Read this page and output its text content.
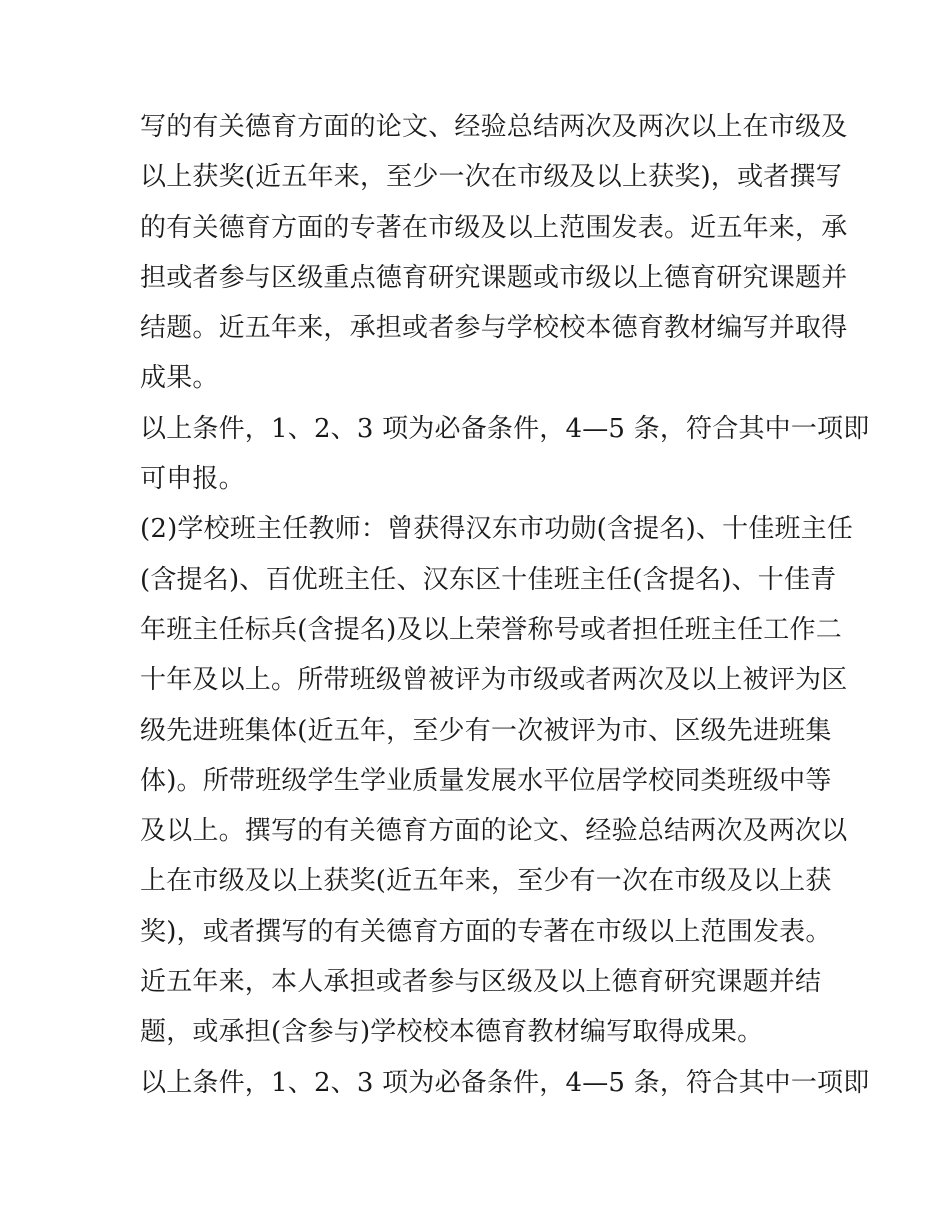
写的有关德育方面的论文、经验总结两次及两次以上在市级及
以上获奖(近五年来，至少一次在市级及以上获奖)，或者撰写
的有关德育方面的专著在市级及以上范围发表。近五年来，承
担或者参与区级重点德育研究课题或市级以上德育研究课题并
结题。近五年来，承担或者参与学校校本德育教材编写并取得
成果。
以上条件，1、2、3 项为必备条件，4—5 条，符合其中一项即
可申报。
(2)学校班主任教师：曾获得汉东市功勋(含提名)、十佳班主任
(含提名)、百优班主任、汉东区十佳班主任(含提名)、十佳青
年班主任标兵(含提名)及以上荣誉称号或者担任班主任工作二
十年及以上。所带班级曾被评为市级或者两次及以上被评为区
级先进班集体(近五年，至少有一次被评为市、区级先进班集
体)。所带班级学生学业质量发展水平位居学校同类班级中等
及以上。撰写的有关德育方面的论文、经验总结两次及两次以
上在市级及以上获奖(近五年来，至少有一次在市级及以上获
奖)，或者撰写的有关德育方面的专著在市级以上范围发表。
近五年来，本人承担或者参与区级及以上德育研究课题并结
题，或承担(含参与)学校校本德育教材编写取得成果。
以上条件，1、2、3 项为必备条件，4—5 条，符合其中一项即
